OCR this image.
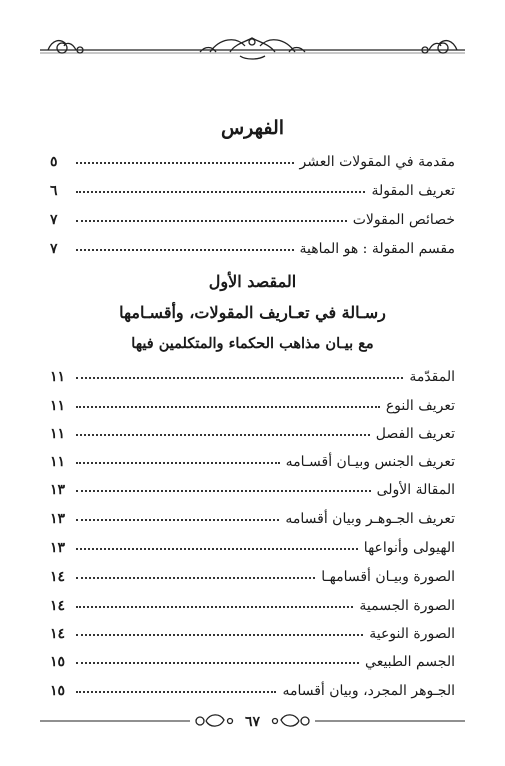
الفهرس
مقدمة في المقولات العشر
٥
تعريف المقولة
٦
خصائص المقولات
٧
مقسم المقولة : هو الماهية
٧
المقصد الأول
رسـالة في تعـاريف المقولات، وأقسـامها
مع بيـان مذاهب الحكماء والمتكلمين فيها
المقدّمة
١١
تعريف النوع
١١
تعريف الفصل
١١
تعريف الجنس وبيـان أقسـامه
١١
المقالة الأولى
١٣
تعريف الجـوهـر وبيان أقسامه
١٣
الهيولى وأنواعها
١٣
الصورة وبيـان أقسامهـا
١٤
الصورة الجسمية
١٤
الصورة النوعية
١٤
الجسم الطبيعي
١٥
الجـوهر المجرد، وبيان أقسامه
١٥
٦٧
